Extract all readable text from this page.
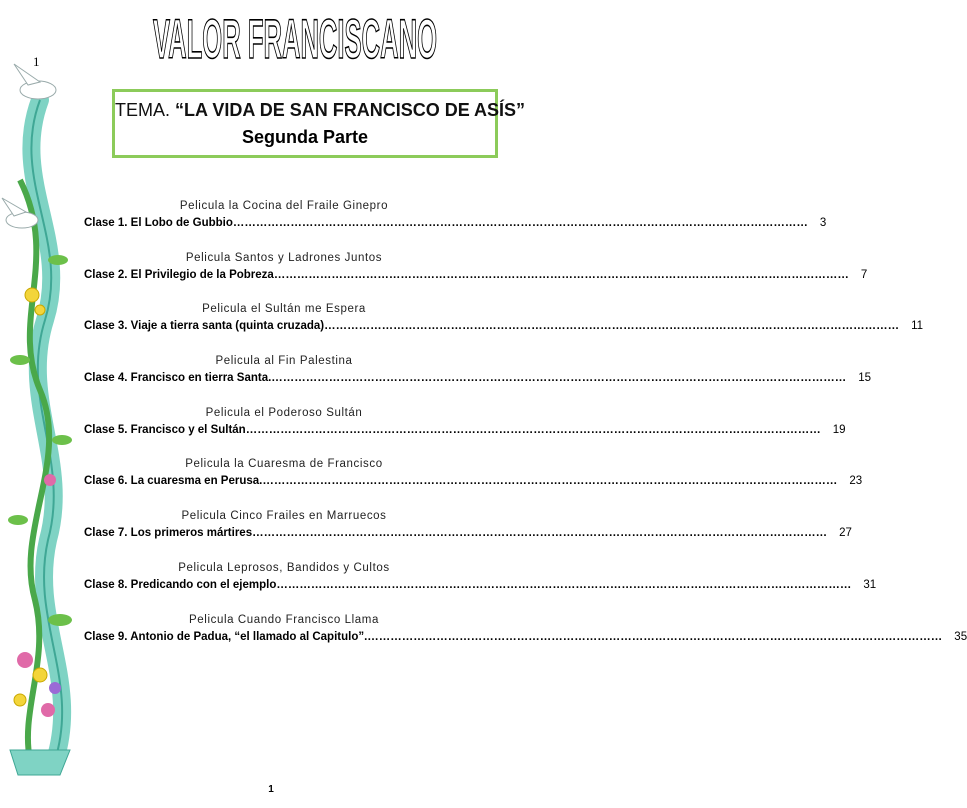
VALOR FRANCISCANO
1
TEMA. “LA VIDA DE SAN FRANCISCO DE ASÍS”
Segunda Parte
Pelicula la Cocina del Fraile Ginepro
Clase 1. El Lobo de Gubbio ……………………………………………………………………………………………………………………………………	3
Pelicula Santos y Ladrones Juntos
Clase 2. El Privilegio de la Pobreza ……………………………………………………………………………………………………………………………………	7
Pelicula el Sultán me Espera
Clase 3. Viaje a tierra santa (quinta cruzada) ……………………………………………………………………………………………………………………………………	11
Pelicula al Fin Palestina
Clase 4. Francisco en tierra Santa. ……………………………………………………………………………………………………………………………………	15
Pelicula el Poderoso Sultán
Clase 5. Francisco y el Sultán ……………………………………………………………………………………………………………………………………	19
Pelicula la Cuaresma de Francisco
Clase 6. La cuaresma en Perusa. ……………………………………………………………………………………………………………………………………	23
Pelicula Cinco Frailes en Marruecos
Clase 7. Los primeros mártires ……………………………………………………………………………………………………………………………………	27
Pelicula Leprosos, Bandidos y Cultos
Clase 8. Predicando con el ejemplo ……………………………………………………………………………………………………………………………………	31
Pelicula Cuando Francisco Llama
Clase 9. Antonio de Padua, “el llamado al Capitulo”. ……………………………………………………………………………………………………………………………………	35
1
